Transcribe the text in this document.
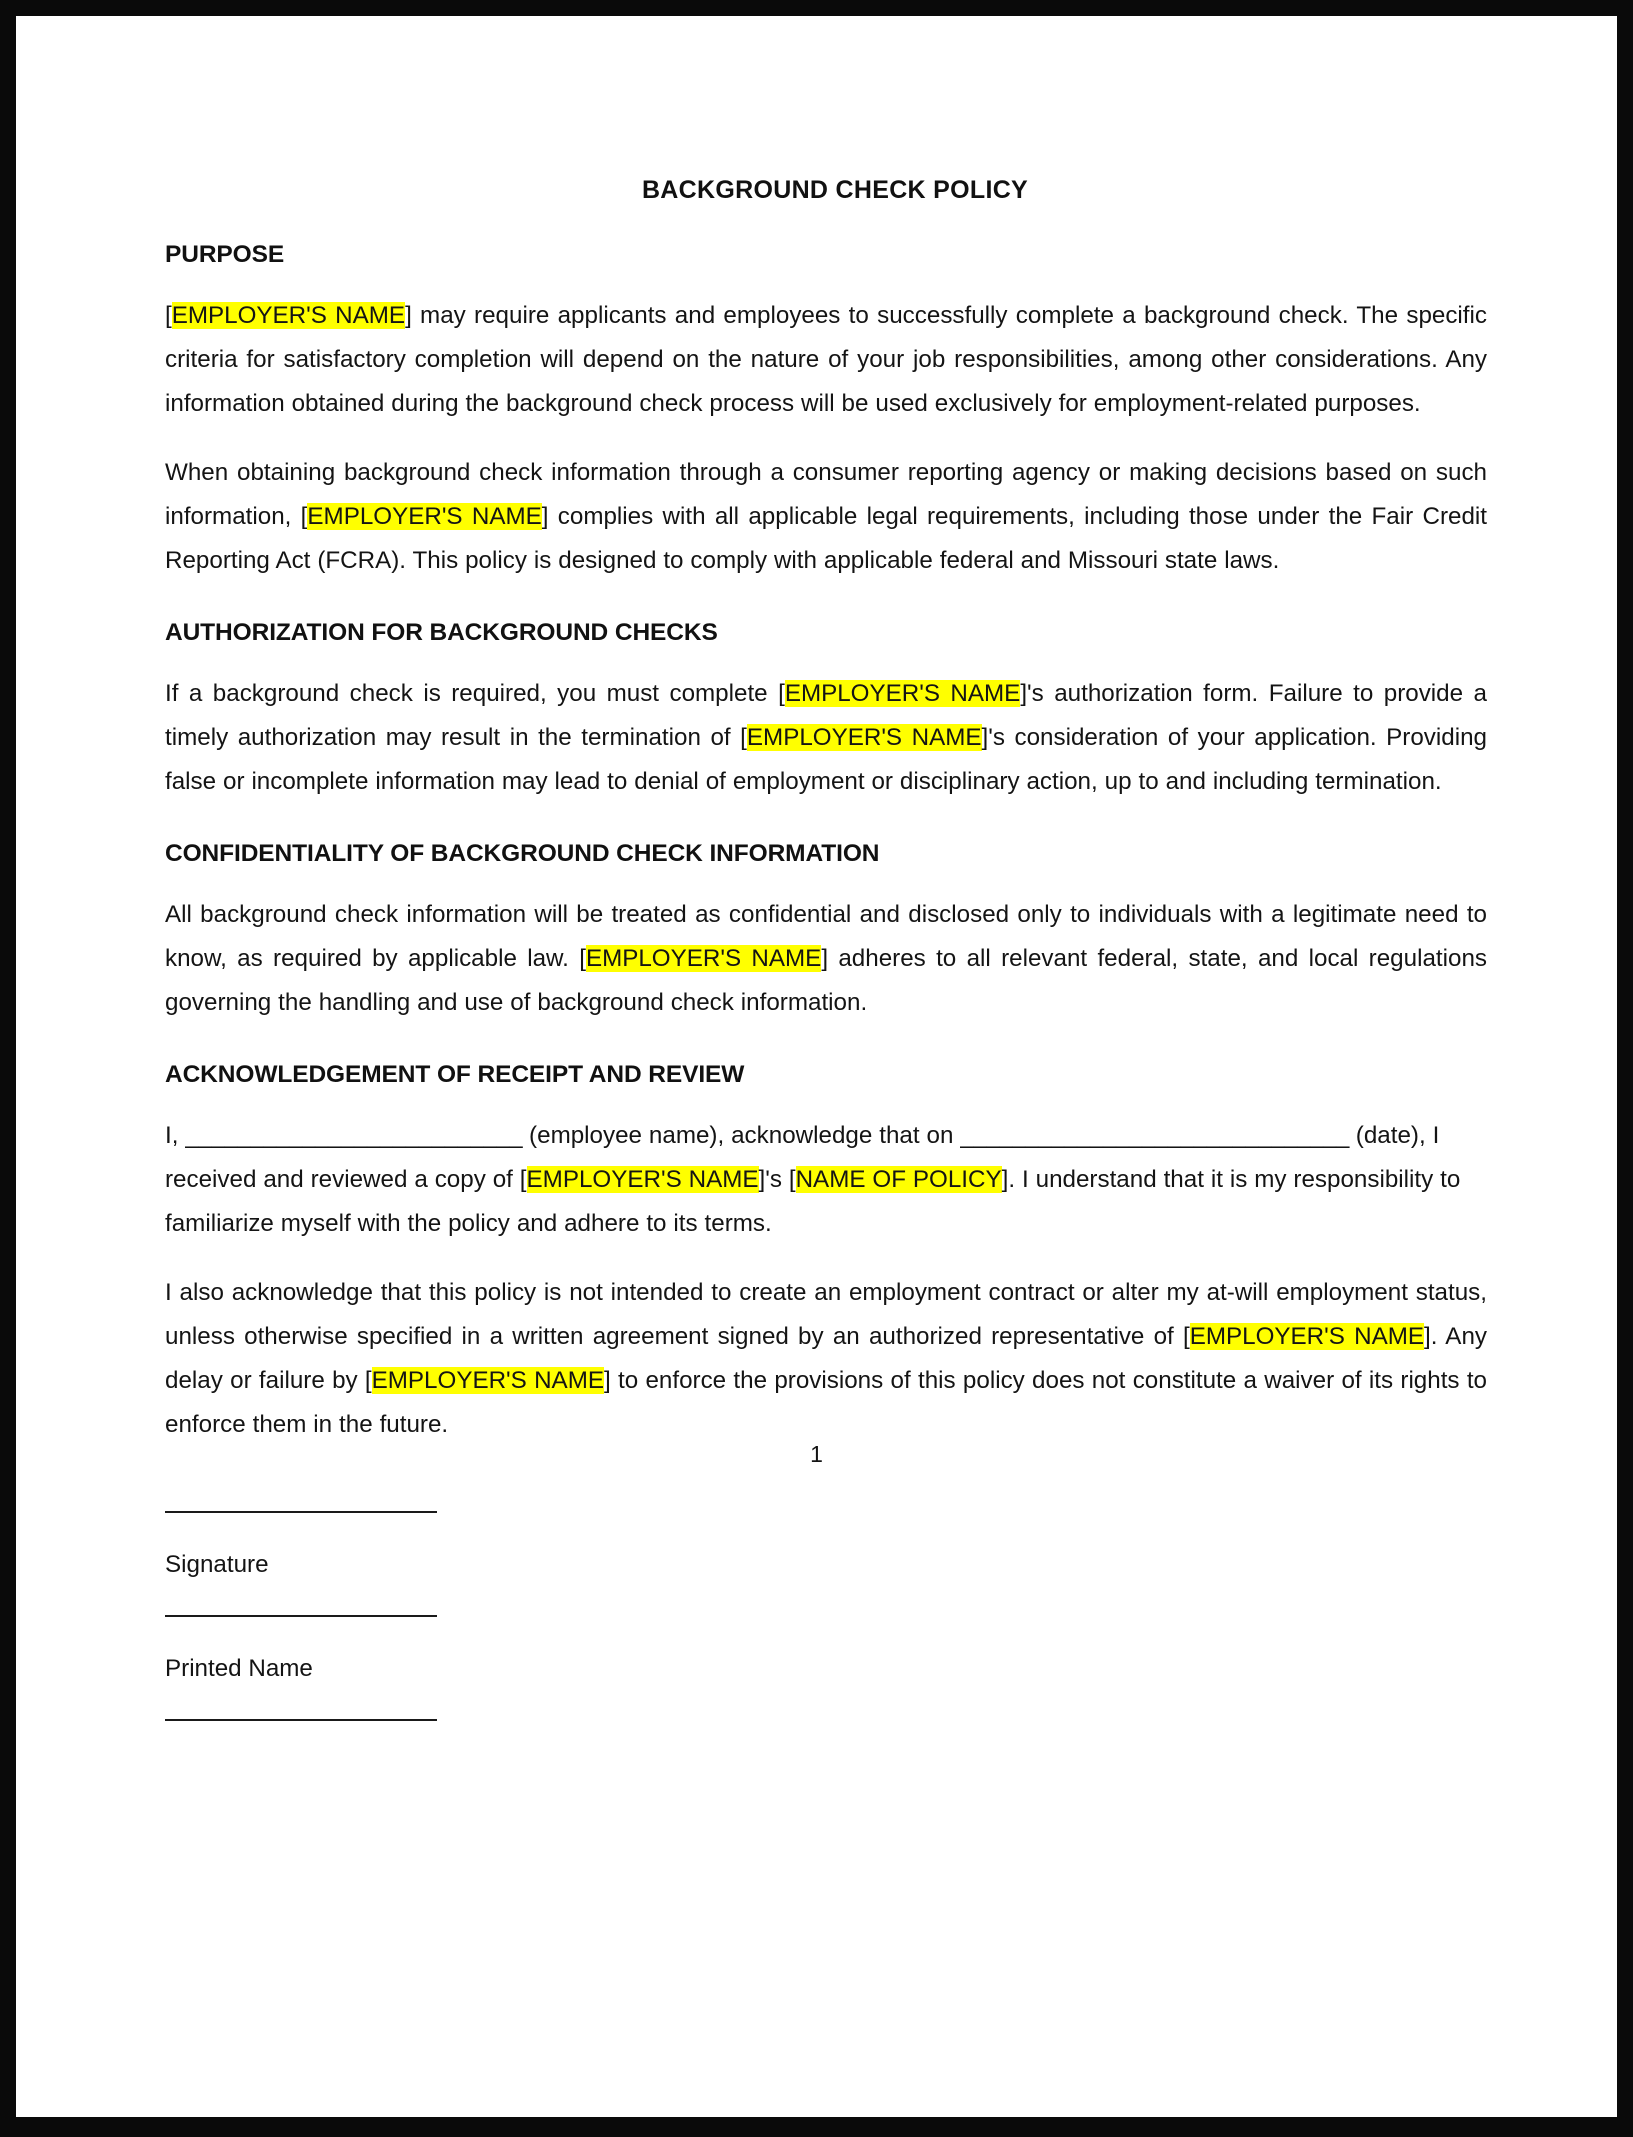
BACKGROUND CHECK POLICY
PURPOSE

[EMPLOYER'S NAME] may require applicants and employees to successfully complete a background check. The specific criteria for satisfactory completion will depend on the nature of your job responsibilities, among other considerations. Any information obtained during the background check process will be used exclusively for employment-related purposes.

When obtaining background check information through a consumer reporting agency or making decisions based on such information, [EMPLOYER'S NAME] complies with all applicable legal requirements, including those under the Fair Credit Reporting Act (FCRA). This policy is designed to comply with applicable federal and Missouri state laws.

AUTHORIZATION FOR BACKGROUND CHECKS

If a background check is required, you must complete [EMPLOYER'S NAME]'s authorization form. Failure to provide a timely authorization may result in the termination of [EMPLOYER'S NAME]'s consideration of your application. Providing false or incomplete information may lead to denial of employment or disciplinary action, up to and including termination.

CONFIDENTIALITY OF BACKGROUND CHECK INFORMATION

All background check information will be treated as confidential and disclosed only to individuals with a legitimate need to know, as required by applicable law. [EMPLOYER'S NAME] adheres to all relevant federal, state, and local regulations governing the handling and use of background check information.

ACKNOWLEDGEMENT OF RECEIPT AND REVIEW

I, __________________________ (employee name), acknowledge that on ______________________________ (date), I received and reviewed a copy of [EMPLOYER'S NAME]'s [NAME OF POLICY]. I understand that it is my responsibility to familiarize myself with the policy and adhere to its terms.

I also acknowledge that this policy is not intended to create an employment contract or alter my at-will employment status, unless otherwise specified in a written agreement signed by an authorized representative of [EMPLOYER'S NAME]. Any delay or failure by [EMPLOYER'S NAME] to enforce the provisions of this policy does not constitute a waiver of its rights to enforce them in the future.

Signature

Printed Name

1
